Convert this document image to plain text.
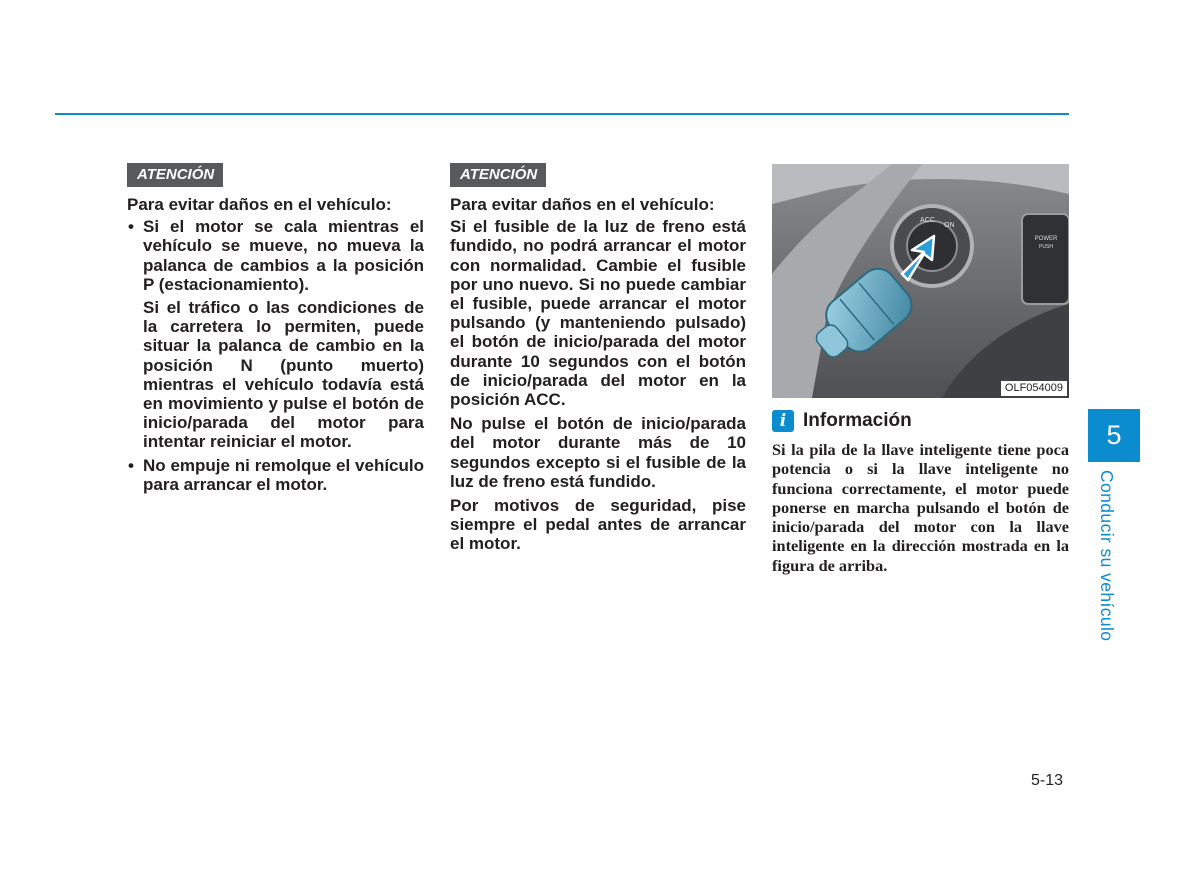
ATENCIÓN

Para evitar daños en el vehículo:

• Si el motor se cala mientras el vehículo se mueve, no mueva la palanca de cambios a la posición P (estacionamiento).

Si el tráfico o las condiciones de la carretera lo permiten, puede situar la palanca de cambio en la posición N (punto muerto) mientras el vehículo todavía está en movimiento y pulse el botón de inicio/parada del motor para intentar reiniciar el motor.

• No empuje ni remolque el vehículo para arrancar el motor.
ATENCIÓN

Para evitar daños en el vehículo:

Si el fusible de la luz de freno está fundido, no podrá arrancar el motor con normalidad. Cambie el fusible por uno nuevo. Si no puede cambiar el fusible, puede arrancar el motor pulsando (y manteniendo pulsado) el botón de inicio/parada del motor durante 10 segundos con el botón de inicio/parada del motor en la posición ACC.

No pulse el botón de inicio/parada del motor durante más de 10 segundos excepto si el fusible de la luz de freno está fundido.

Por motivos de seguridad, pise siempre el pedal antes de arrancar el motor.

POWER
PUSH
ACC
ON
OLF054009
i Información
Si la pila de la llave inteligente tiene poca potencia o si la llave inteligente no funciona correctamente, el motor puede ponerse en marcha pulsando el botón de inicio/parada del motor con la llave inteligente en la dirección mostrada en la figura de arriba.
5
Conducir su vehículo
5-13
